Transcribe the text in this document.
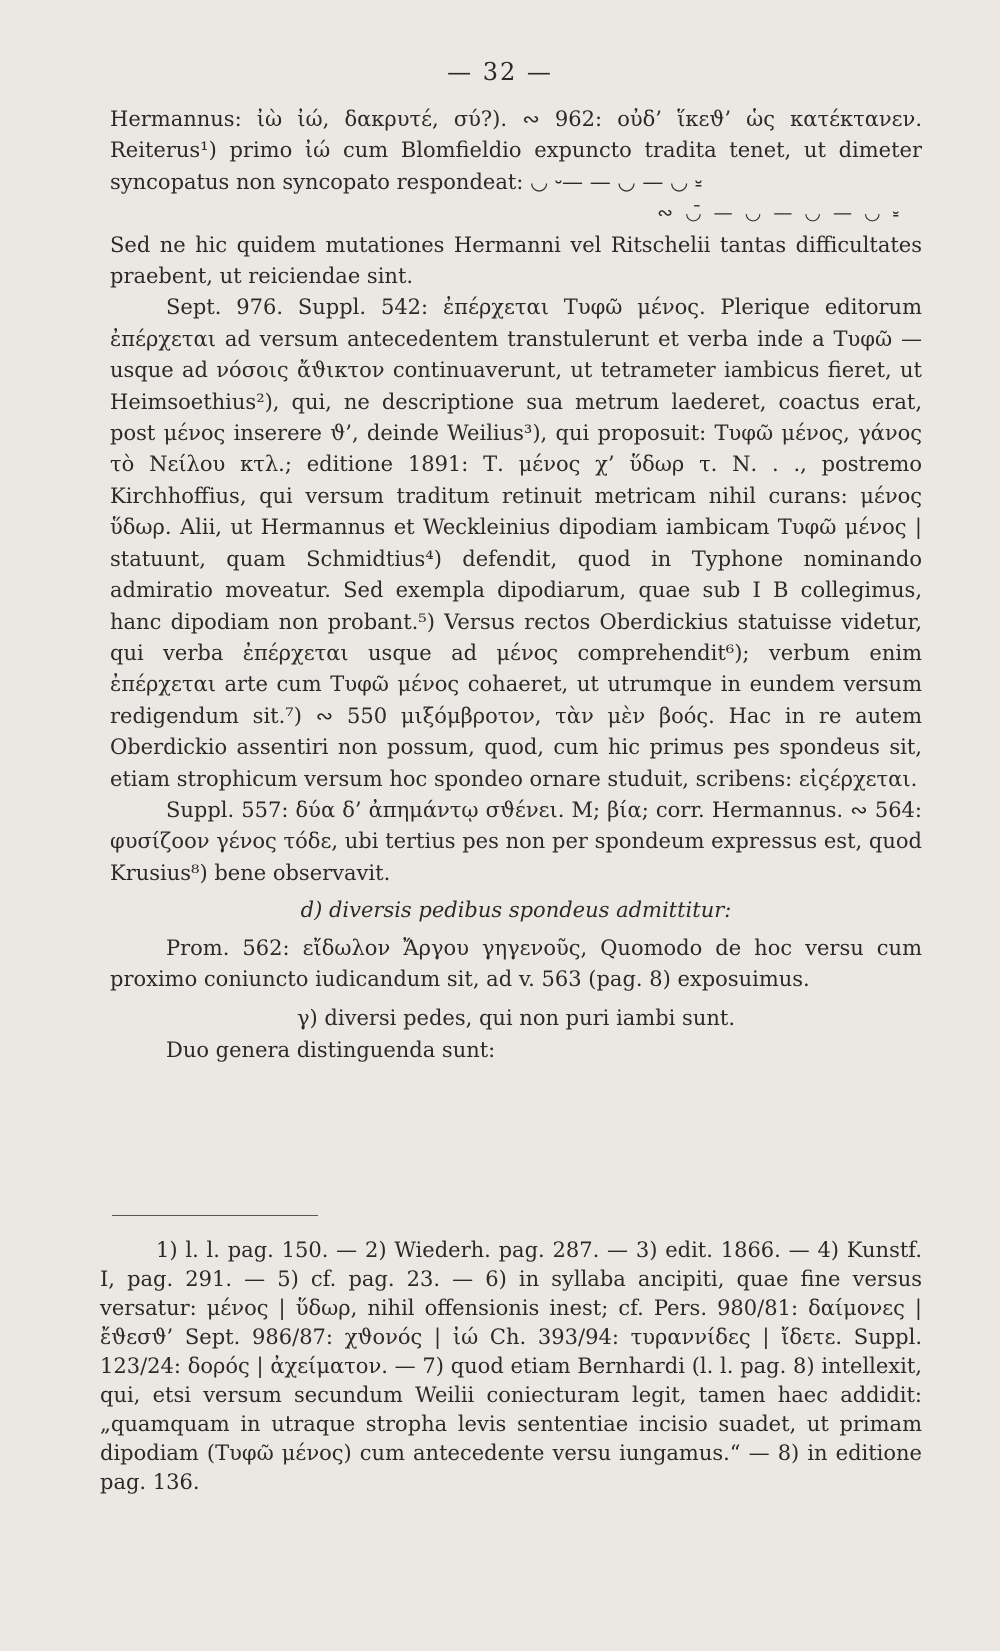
— 32 —

Hermannus: ἰὼ ἰώ, δακρυτέ, σύ?). ∾ 962: οὐδ’ ἵκεϑ’ ὡς κατέκτανεν. Reiterus¹) primo ἰώ cum Blomfieldio expuncto tradita tenet, ut dimeter syncopatus non syncopato respondeat: ◡ ⏑— — ◡ — ◡ ⏓

∾ ◡̄ — ◡ — ◡ — ◡ ⏓

Sed ne hic quidem mutationes Hermanni vel Ritschelii tantas difficultates praebent, ut reiciendae sint.

Sept. 976. Suppl. 542: ἐπέρχεται Τυφῶ μένος. Plerique editorum ἐπέρχεται ad versum antecedentem transtulerunt et verba inde a Τυφῶ — usque ad νόσοις ἄϑικτον continuaverunt, ut tetrameter iambicus fieret, ut Heimsoethius²), qui, ne descriptione sua metrum laederet, coactus erat, post μένος inserere ϑ’, deinde Weilius³), qui proposuit: Τυφῶ μένος, γάνος τὸ Νείλου κτλ.; editione 1891: Τ. μένος χ’ ὕδωρ τ. Ν. . ., postremo Kirchhoffius, qui versum traditum retinuit metricam nihil curans: μένος ὕδωρ. Alii, ut Hermannus et Weckleinius dipodiam iambicam Τυφῶ μένος | statuunt, quam Schmidtius⁴) defendit, quod in Typhone nominando admiratio moveatur. Sed exempla dipodiarum, quae sub I B collegimus, hanc dipodiam non probant.⁵) Versus rectos Oberdickius statuisse videtur, qui verba ἐπέρχεται usque ad μένος comprehendit⁶); verbum enim ἐπέρχεται arte cum Τυφῶ μένος cohaeret, ut utrumque in eundem versum redigendum sit.⁷) ∾ 550 μιξόμβροτον, τὰν μὲν βοός. Hac in re autem Oberdickio assentiri non possum, quod, cum hic primus pes spondeus sit, etiam strophicum versum hoc spondeo ornare studuit, scribens: εἰςέρχεται.

Suppl. 557: δύα δ’ ἀπημάντῳ σϑένει. M; βία; corr. Hermannus. ∾ 564: φυσίζοον γένος τόδε, ubi tertius pes non per spondeum expressus est, quod Krusius⁸) bene observavit.

d) diversis pedibus spondeus admittitur:

Prom. 562: εἴδωλον Ἄργου γηγενοῦς, Quomodo de hoc versu cum proximo coniuncto iudicandum sit, ad v. 563 (pag. 8) exposuimus.

γ) diversi pedes, qui non puri iambi sunt.

Duo genera distinguenda sunt:

1) l. l. pag. 150. — 2) Wiederh. pag. 287. — 3) edit. 1866. — 4) Kunstf. I, pag. 291. — 5) cf. pag. 23. — 6) in syllaba ancipiti, quae fine versus versatur: μένος | ὕδωρ, nihil offensionis inest; cf. Pers. 980/81: δαίμονες | ἔϑεσϑ’ Sept. 986/87: χϑονός | ἰώ Ch. 393/94: τυραννίδες | ἴδετε. Suppl. 123/24: δορός | ἀχείματον. — 7) quod etiam Bernhardi (l. l. pag. 8) intellexit, qui, etsi versum secundum Weilii coniecturam legit, tamen haec addidit: „quamquam in utraque stropha levis sententiae incisio suadet, ut primam dipodiam (Τυφῶ μένος) cum antecedente versu iungamus.“ — 8) in editione pag. 136.
